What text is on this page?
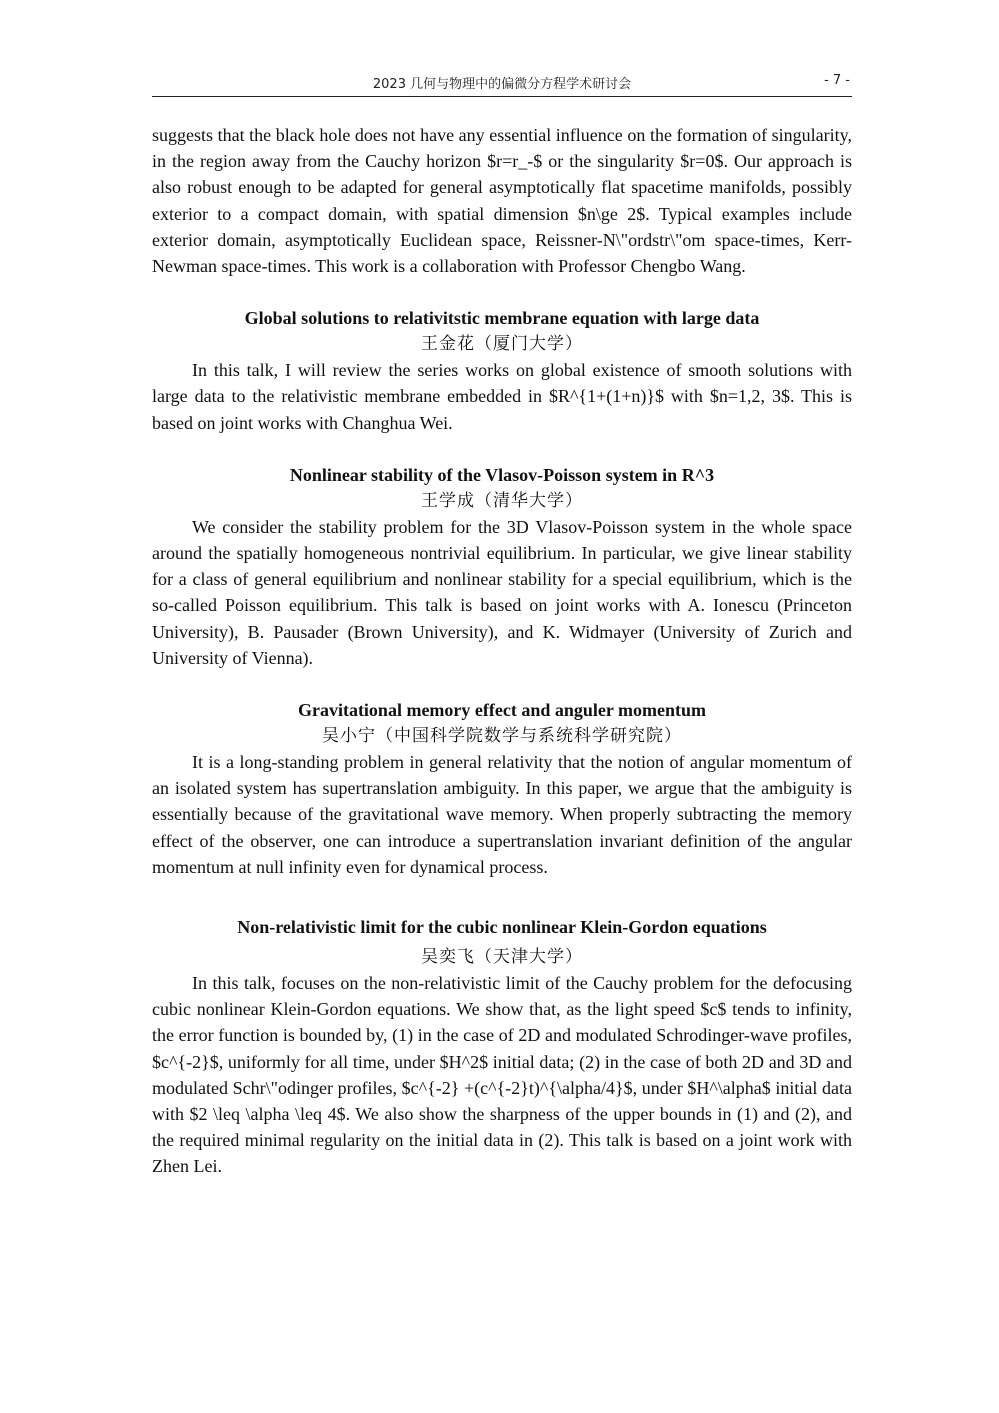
2023 几何与物理中的偏微分方程学术研讨会	- 7 -

suggests that the black hole does not have any essential influence on the formation of singularity, in the region away from the Cauchy horizon $r=r_-$ or the singularity $r=0$. Our approach is also robust enough to be adapted for general asymptotically flat spacetime manifolds, possibly exterior to a compact domain, with spatial dimension $n\ge 2$. Typical examples include exterior domain, asymptotically Euclidean space, Reissner-N\"ordstr\"om space-times, Kerr-Newman space-times. This work is a collaboration with Professor Chengbo Wang.

Global solutions to relativitstic membrane equation with large data

王金花（厦门大学）

In this talk, I will review the series works on global existence of smooth solutions with large data to the relativistic membrane embedded in $R^{1+(1+n)}$ with $n=1,2, 3$. This is based on joint works with Changhua Wei.

Nonlinear stability of the Vlasov-Poisson system in R^3

王学成（清华大学）

We consider the stability problem for the 3D Vlasov-Poisson system in the whole space around the spatially homogeneous nontrivial equilibrium. In particular, we give linear stability for a class of general equilibrium and nonlinear stability for a special equilibrium, which is the so-called Poisson equilibrium. This talk is based on joint works with A. Ionescu (Princeton University), B. Pausader (Brown University), and K. Widmayer (University of Zurich and University of Vienna).

Gravitational memory effect and anguler momentum

吴小宁（中国科学院数学与系统科学研究院）

It is a long-standing problem in general relativity that the notion of angular momentum of an isolated system has supertranslation ambiguity. In this paper, we argue that the ambiguity is essentially because of the gravitational wave memory. When properly subtracting the memory effect of the observer, one can introduce a supertranslation invariant definition of the angular momentum at null infinity even for dynamical process.

Non-relativistic limit for the cubic nonlinear Klein-Gordon equations

吴奕飞（天津大学）

In this talk, focuses on the non-relativistic limit of the Cauchy problem for the defocusing cubic nonlinear Klein-Gordon equations. We show that, as the light speed $c$ tends to infinity, the error function is bounded by, (1) in the case of 2D and modulated Schrodinger-wave profiles, $c^{-2}$, uniformly for all time, under $H^2$ initial data; (2) in the case of both 2D and 3D and modulated Schr\"odinger profiles, $c^{-2} +(c^{-2}t)^{\alpha/4}$, under $H^\alpha$ initial data with $2 \leq \alpha \leq 4$. We also show the sharpness of the upper bounds in (1) and (2), and the required minimal regularity on the initial data in (2). This talk is based on a joint work with Zhen Lei.
